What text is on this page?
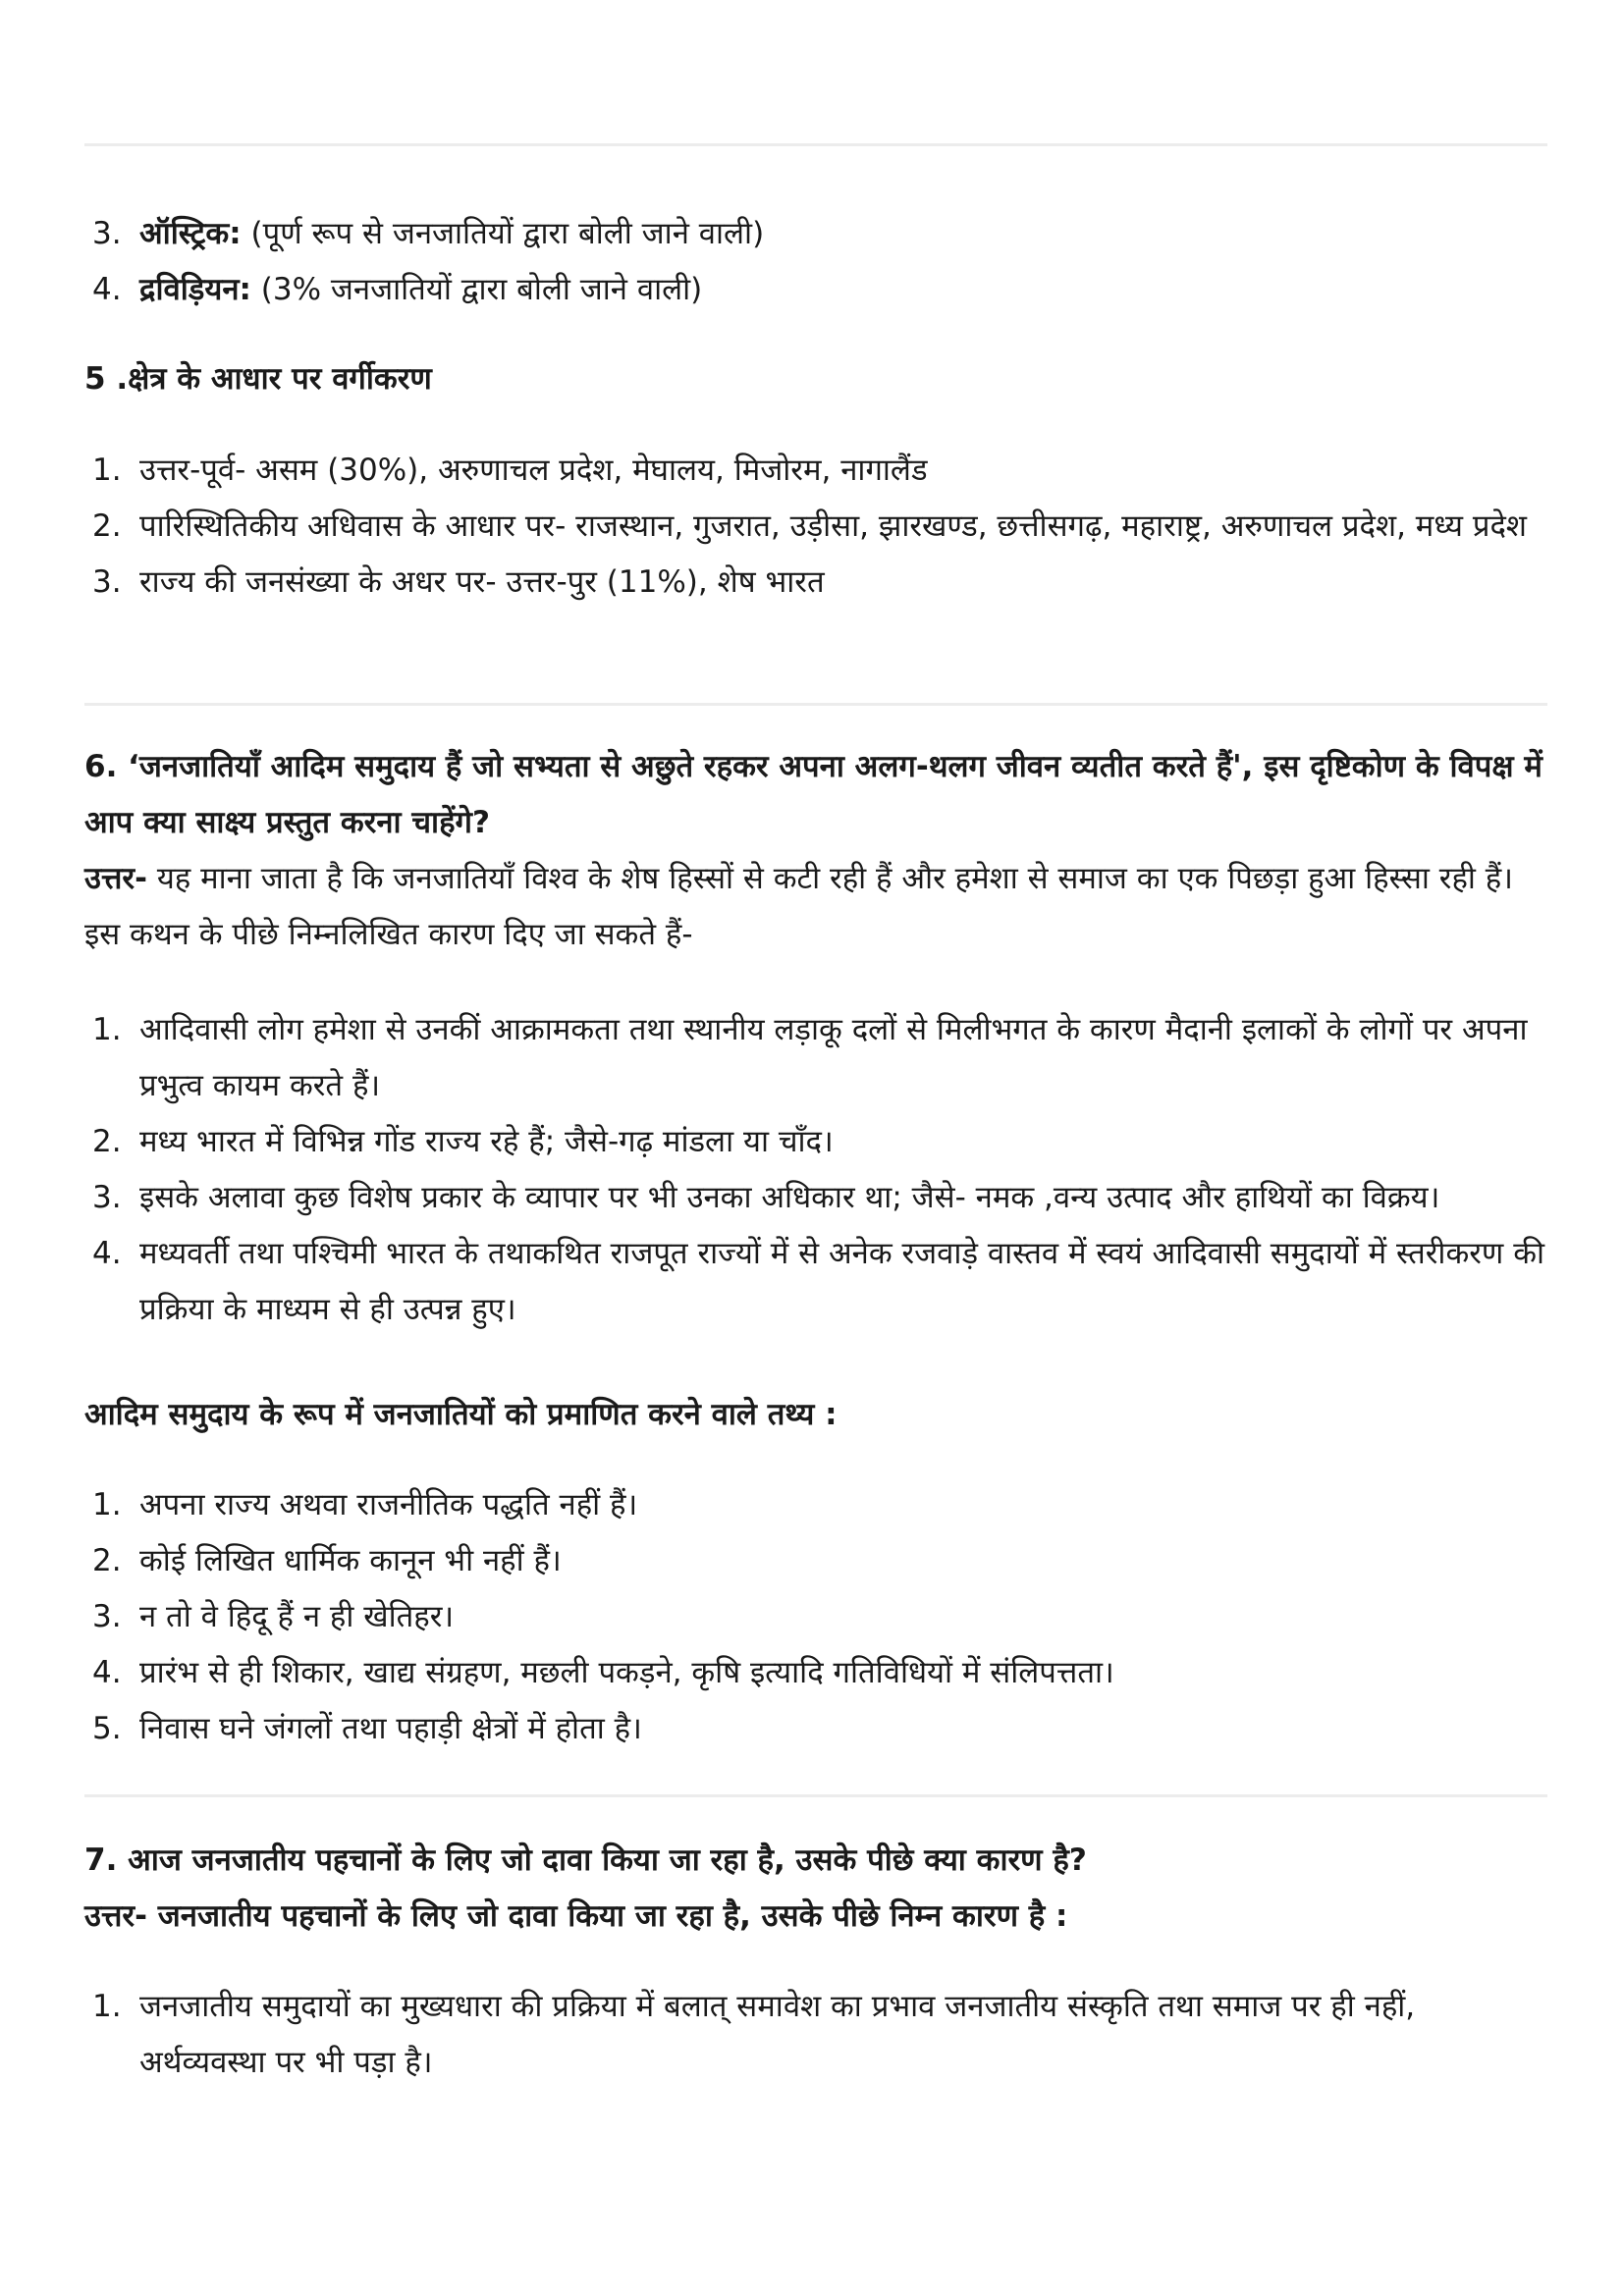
3. ऑस्ट्रिक: (पूर्ण रूप से जनजातियों द्वारा बोली जाने वाली)
4. द्रविड़ियन: (3% जनजातियों द्वारा बोली जाने वाली)

5 .क्षेत्र के आधार पर वर्गीकरण

1. उत्तर-पूर्व- असम (30%), अरुणाचल प्रदेश, मेघालय, मिजोरम, नागालैंड
2. पारिस्थितिकीय अधिवास के आधार पर- राजस्थान, गुजरात, उड़ीसा, झारखण्ड, छत्तीसगढ़, महाराष्ट्र, अरुणाचल प्रदेश, मध्य प्रदेश
3. राज्य की जनसंख्या के अधर पर- उत्तर-पुर (11%), शेष भारत

6. ‘जनजातियाँ आदिम समुदाय हैं जो सभ्यता से अछुते रहकर अपना अलग-थलग जीवन व्यतीत करते हैं', इस दृष्टिकोण के विपक्ष में आप क्या साक्ष्य प्रस्तुत करना चाहेंगे?

उत्तर- यह माना जाता है कि जनजातियाँ विश्व के शेष हिस्सों से कटी रही हैं और हमेशा से समाज का एक पिछड़ा हुआ हिस्सा रही हैं। इस कथन के पीछे निम्नलिखित कारण दिए जा सकते हैं-

1. आदिवासी लोग हमेशा से उनकीं आक्रामकता तथा स्थानीय लड़ाकू दलों से मिलीभगत के कारण मैदानी इलाकों के लोगों पर अपना प्रभुत्व कायम करते हैं।
2. मध्य भारत में विभिन्न गोंड राज्य रहे हैं; जैसे-गढ़ मांडला या चाँद।
3. इसके अलावा कुछ विशेष प्रकार के व्यापार पर भी उनका अधिकार था; जैसे- नमक ,वन्य उत्पाद और हाथियों का विक्रय।
4. मध्यवर्ती तथा पश्चिमी भारत के तथाकथित राजपूत राज्यों में से अनेक रजवाड़े वास्तव में स्वयं आदिवासी समुदायों में स्तरीकरण की प्रक्रिया के माध्यम से ही उत्पन्न हुए।

आदिम समुदाय के रूप में जनजातियों को प्रमाणित करने वाले तथ्य :

1. अपना राज्य अथवा राजनीतिक पद्धति नहीं हैं।
2. कोई लिखित धार्मिक कानून भी नहीं हैं।
3. न तो वे हिदू हैं न ही खेतिहर।
4. प्रारंभ से ही शिकार, खाद्य संग्रहण, मछली पकड़ने, कृषि इत्यादि गतिविधियों में संलिपत्तता।
5. निवास घने जंगलों तथा पहाड़ी क्षेत्रों में होता है।

7. आज जनजातीय पहचानों के लिए जो दावा किया जा रहा है, उसके पीछे क्या कारण है?

उत्तर- जनजातीय पहचानों के लिए जो दावा किया जा रहा है, उसके पीछे निम्न कारण है :

1. जनजातीय समुदायों का मुख्यधारा की प्रक्रिया में बलात् समावेश का प्रभाव जनजातीय संस्कृति तथा समाज पर ही नहीं, अर्थव्यवस्था पर भी पड़ा है।
